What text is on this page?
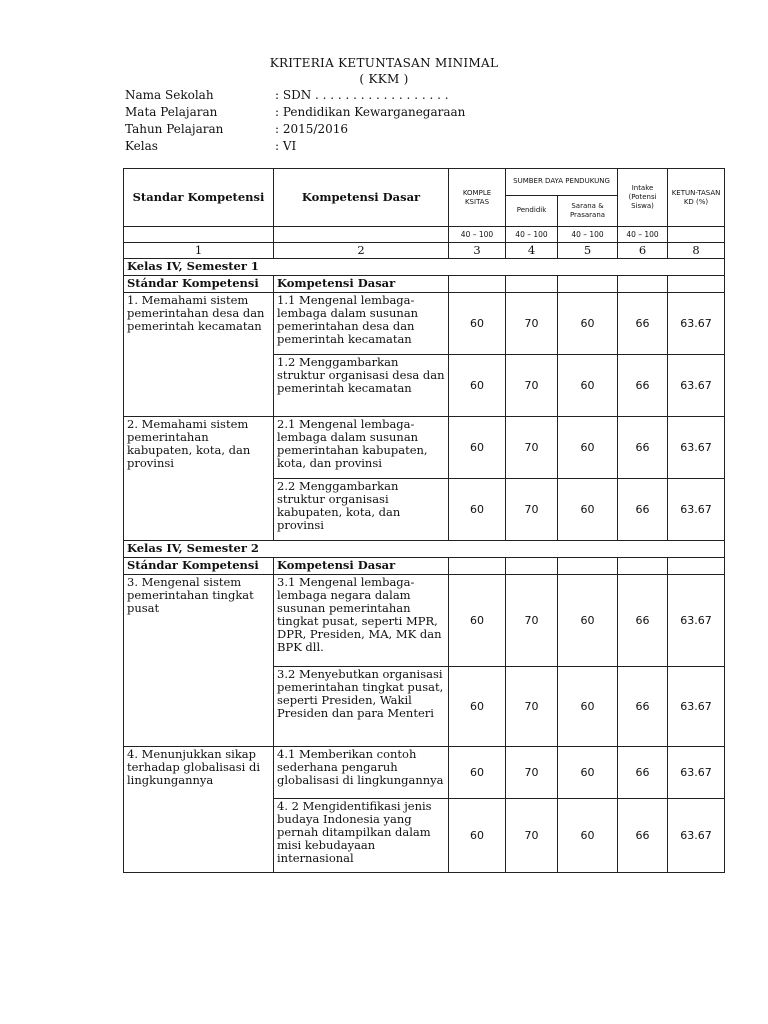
KRITERIA KETUNTASAN MINIMAL
( KKM )
Nama Sekolah	: SDN . . . . . . . . . . . . . . . . . .
Mata Pelajaran	: Pendidikan Kewarganegaraan
Tahun Pelajaran	: 2015/2016
Kelas	: VI
Standar Kompetensi	Kompetensi Dasar	KOMPLE KSITAS	SUMBER DAYA PENDUKUNG		Intake (Potensi Siswa)	KETUN-TASAN KD (%)
			Pendidik	Sarana & Prasarana		
		40 – 100	40 – 100	40 – 100	40 – 100	
1	2	3	4	5	6	8
Kelas IV, Semester 1						
Stándar Kompetensi	Kompetensi Dasar					
1. Memahami sistem pemerintahan desa dan pemerintah kecamatan	1.1 Mengenal lembaga-lembaga dalam susunan pemerintahan desa dan pemerintah kecamatan	60	70	60	66	63.67
	1.2 Menggambarkan struktur organisasi desa dan pemerintah kecamatan	60	70	60	66	63.67
2. Memahami sistem pemerintahan kabupaten, kota, dan provinsi	2.1 Mengenal lembaga-lembaga dalam susunan pemerintahan kabupaten, kota, dan provinsi	60	70	60	66	63.67
	2.2 Menggambarkan struktur organisasi kabupaten, kota, dan provinsi	60	70	60	66	63.67
Kelas IV, Semester 2						
Stándar Kompetensi	Kompetensi Dasar					
3. Mengenal sistem pemerintahan tingkat pusat	3.1 Mengenal lembaga-lembaga negara dalam susunan pemerintahan tingkat pusat, seperti MPR, DPR, Presiden, MA, MK dan BPK dll.	60	70	60	66	63.67
	3.2 Menyebutkan organisasi pemerintahan tingkat pusat, seperti Presiden, Wakil Presiden dan para Menteri	60	70	60	66	63.67
4. Menunjukkan sikap terhadap globalisasi di lingkungannya	4.1 Memberikan contoh sederhana pengaruh globalisasi di lingkungannya	60	70	60	66	63.67
	4. 2 Mengidentifikasi jenis budaya Indonesia yang pernah ditampilkan dalam misi kebudayaan internasional	60	70	60	66	63.67
